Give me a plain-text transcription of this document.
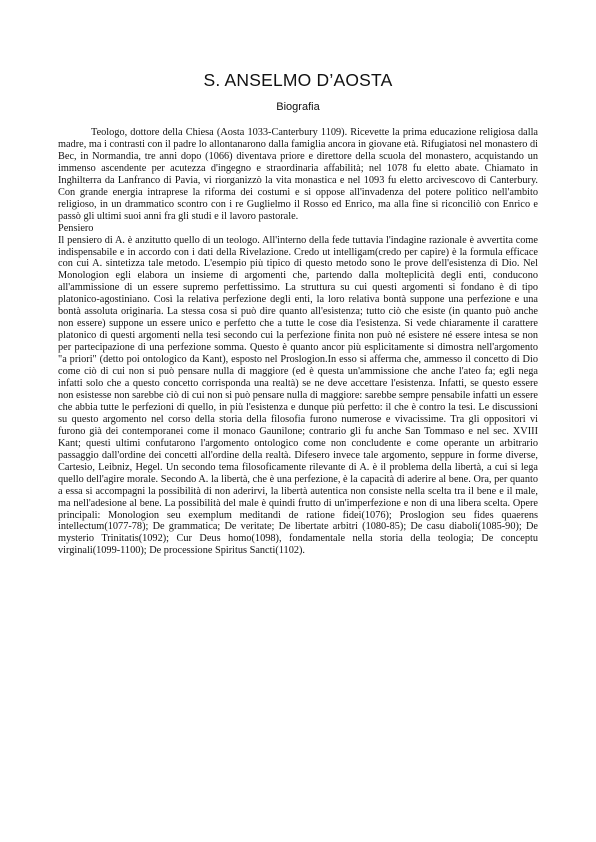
S. ANSELMO D’AOSTA

Biografia

Teologo, dottore della Chiesa (Aosta 1033-Canterbury 1109). Ricevette la prima educazione religiosa dalla madre, ma i contrasti con il padre lo allontanarono dalla famiglia ancora in giovane età. Rifugiatosi nel monastero di Bec, in Normandia, tre anni dopo (1066) diventava priore e direttore della scuola del monastero, acquistando un immenso ascendente per acutezza d'ingegno e straordinaria affabilità; nel 1078 fu eletto abate. Chiamato in Inghilterra da Lanfranco di Pavia, vi riorganizzò la vita monastica e nel 1093 fu eletto arcivescovo di Canterbury. Con grande energia intraprese la riforma dei costumi e si oppose all'invadenza del potere politico nell'ambito religioso, in un drammatico scontro con i re Guglielmo il Rosso ed Enrico, ma alla fine si riconciliò con Enrico e passò gli ultimi suoi anni fra gli studi e il lavoro pastorale.

Pensiero

Il pensiero di A. è anzitutto quello di un teologo. All'interno della fede tuttavia l'indagine razionale è avvertita come indispensabile e in accordo con i dati della Rivelazione. Credo ut intelligam(credo per capire) è la formula efficace con cui A. sintetizza tale metodo. L'esempio più tipico di questo metodo sono le prove dell'esistenza di Dio. Nel Monologion egli elabora un insieme di argomenti che, partendo dalla molteplicità degli enti, conducono all'ammissione di un essere supremo perfettissimo. La struttura su cui questi argomenti si fondano è di tipo platonico-agostiniano. Così la relativa perfezione degli enti, la loro relativa bontà suppone una perfezione e una bontà assoluta originaria. La stessa cosa si può dire quanto all'esistenza; tutto ciò che esiste (in quanto può anche non essere) suppone un essere unico e perfetto che a tutte le cose dia l'esistenza. Si vede chiaramente il carattere platonico di questi argomenti nella tesi secondo cui la perfezione finita non può né esistere né essere intesa se non per partecipazione di una perfezione somma. Questo è quanto ancor più esplicitamente si dimostra nell'argomento "a priori" (detto poi ontologico da Kant), esposto nel Proslogion.In esso si afferma che, ammesso il concetto di Dio come ciò di cui non si può pensare nulla di maggiore (ed è questa un'ammissione che anche l'ateo fa; egli nega infatti solo che a questo concetto corrisponda una realtà) se ne deve accettare l'esistenza. Infatti, se questo essere non esistesse non sarebbe ciò di cui non si può pensare nulla di maggiore: sarebbe sempre pensabile infatti un essere che abbia tutte le perfezioni di quello, in più l'esistenza e dunque più perfetto: il che è contro la tesi. Le discussioni su questo argomento nel corso della storia della filosofia furono numerose e vivacissime. Tra gli oppositori vi furono già dei contemporanei come il monaco Gaunilone; contrario gli fu anche San Tommaso e nel sec. XVIII Kant; questi ultimi confutarono l'argomento ontologico come non concludente e come operante un arbitrario passaggio dall'ordine dei concetti all'ordine della realtà. Difesero invece tale argomento, seppure in forme diverse, Cartesio, Leibniz, Hegel. Un secondo tema filosoficamente rilevante di A. è il problema della libertà, a cui si lega quello dell'agire morale. Secondo A. la libertà, che è una perfezione, è la capacità di aderire al bene. Ora, per quanto a essa si accompagni la possibilità di non aderirvi, la libertà autentica non consiste nella scelta tra il bene e il male, ma nell'adesione al bene. La possibilità del male è quindi frutto di un'imperfezione e non di una libera scelta. Opere principali: Monologion seu exemplum meditandi de ratione fidei(1076); Proslogion seu fides quaerens intellectum(1077-78); De grammatica; De veritate; De libertate arbitri (1080-85); De casu diaboli(1085-90); De mysterio Trinitatis(1092); Cur Deus homo(1098), fondamentale nella storia della teologia; De conceptu virginali(1099-1100); De processione Spiritus Sancti(1102).
